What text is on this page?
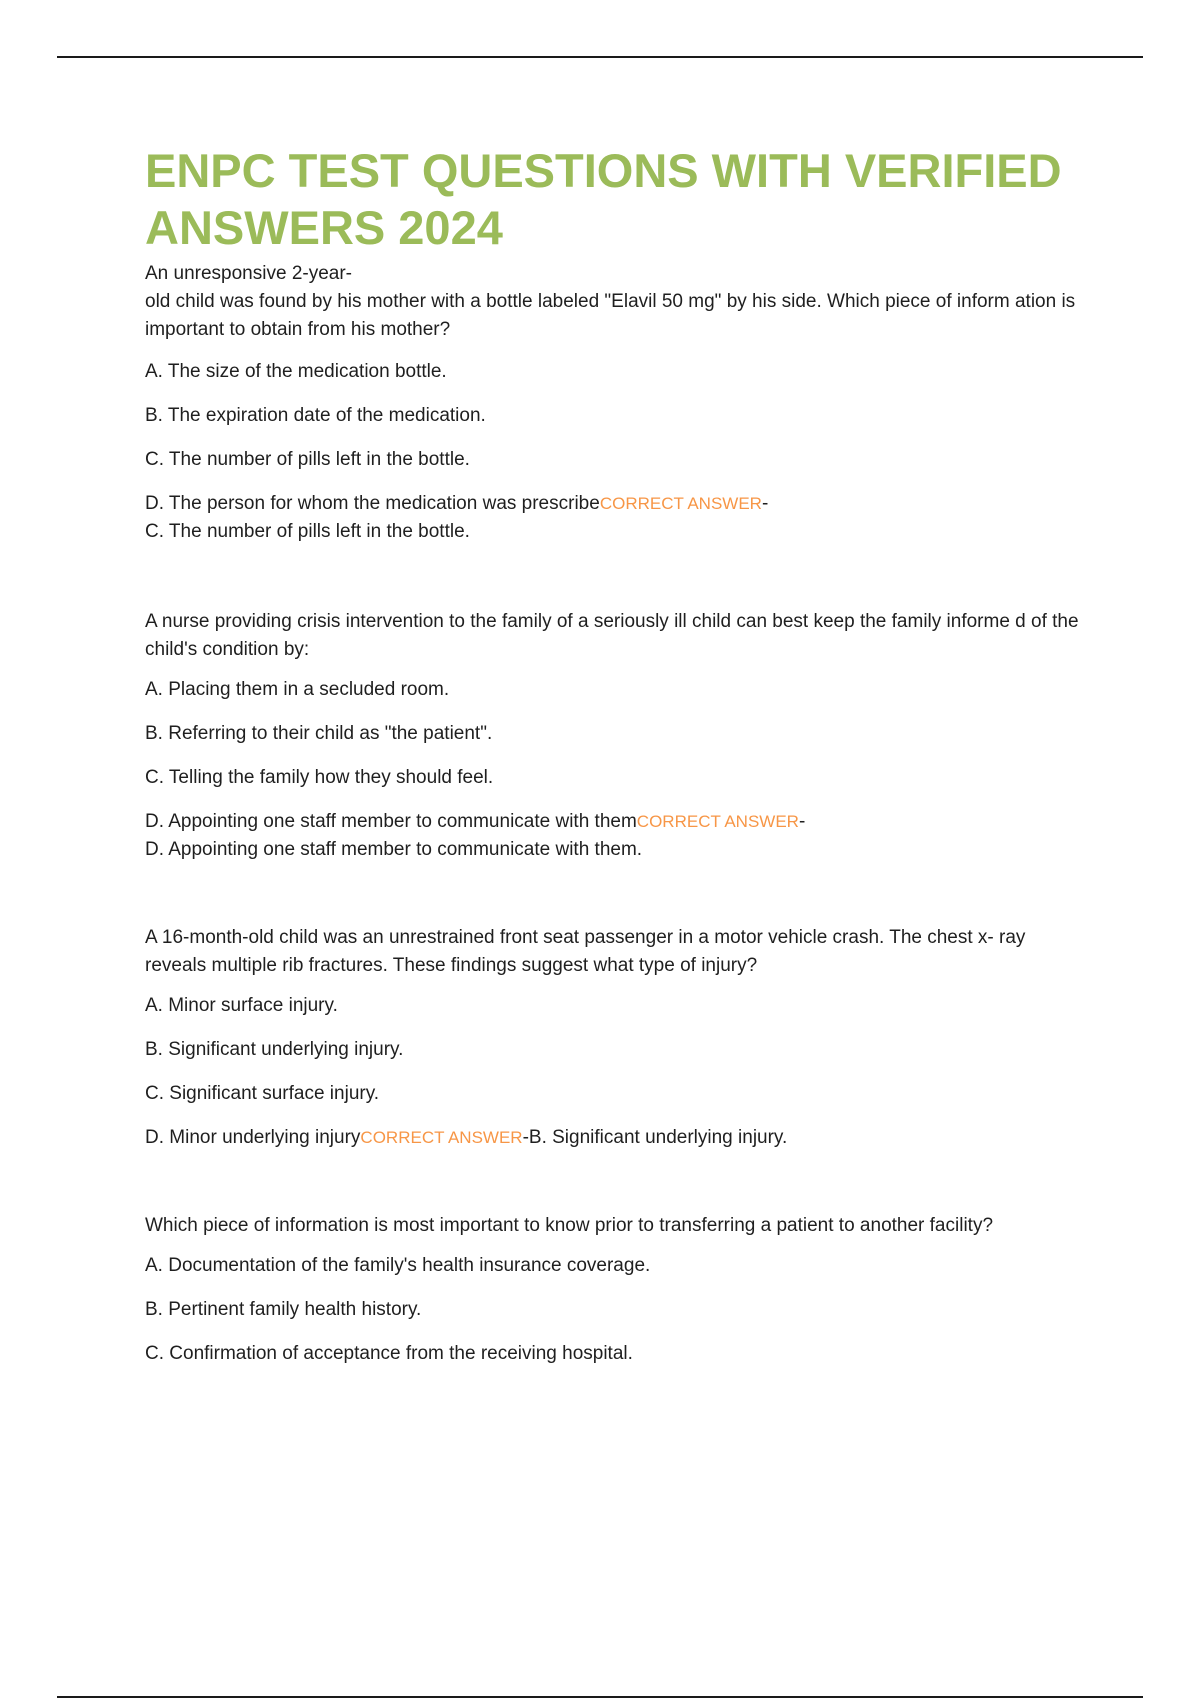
ENPC TEST QUESTIONS WITH VERIFIED ANSWERS 2024

An unresponsive 2-year-
old child was found by his mother with a bottle labeled "Elavil 50 mg" by his side. Which piece of inform ation is important to obtain from his mother?

A. The size of the medication bottle.

B. The expiration date of the medication.

C. The number of pills left in the bottle.

D. The person for whom the medication was prescribeCORRECT ANSWER-

C. The number of pills left in the bottle.

A nurse providing crisis intervention to the family of a seriously ill child can best keep the family informe d of the child's condition by:

A. Placing them in a secluded room.

B. Referring to their child as "the patient".

C. Telling the family how they should feel.

D. Appointing one staff member to communicate with themCORRECT ANSWER-

D. Appointing one staff member to communicate with them.

A 16-month-old child was an unrestrained front seat passenger in a motor vehicle crash. The chest x- ray reveals multiple rib fractures. These findings suggest what type of injury?

A. Minor surface injury.

B. Significant underlying injury.

C. Significant surface injury.

D. Minor underlying injuryCORRECT ANSWER-B. Significant underlying injury.

Which piece of information is most important to know prior to transferring a patient to another facility?

A. Documentation of the family's health insurance coverage.

B. Pertinent family health history.

C. Confirmation of acceptance from the receiving hospital.
